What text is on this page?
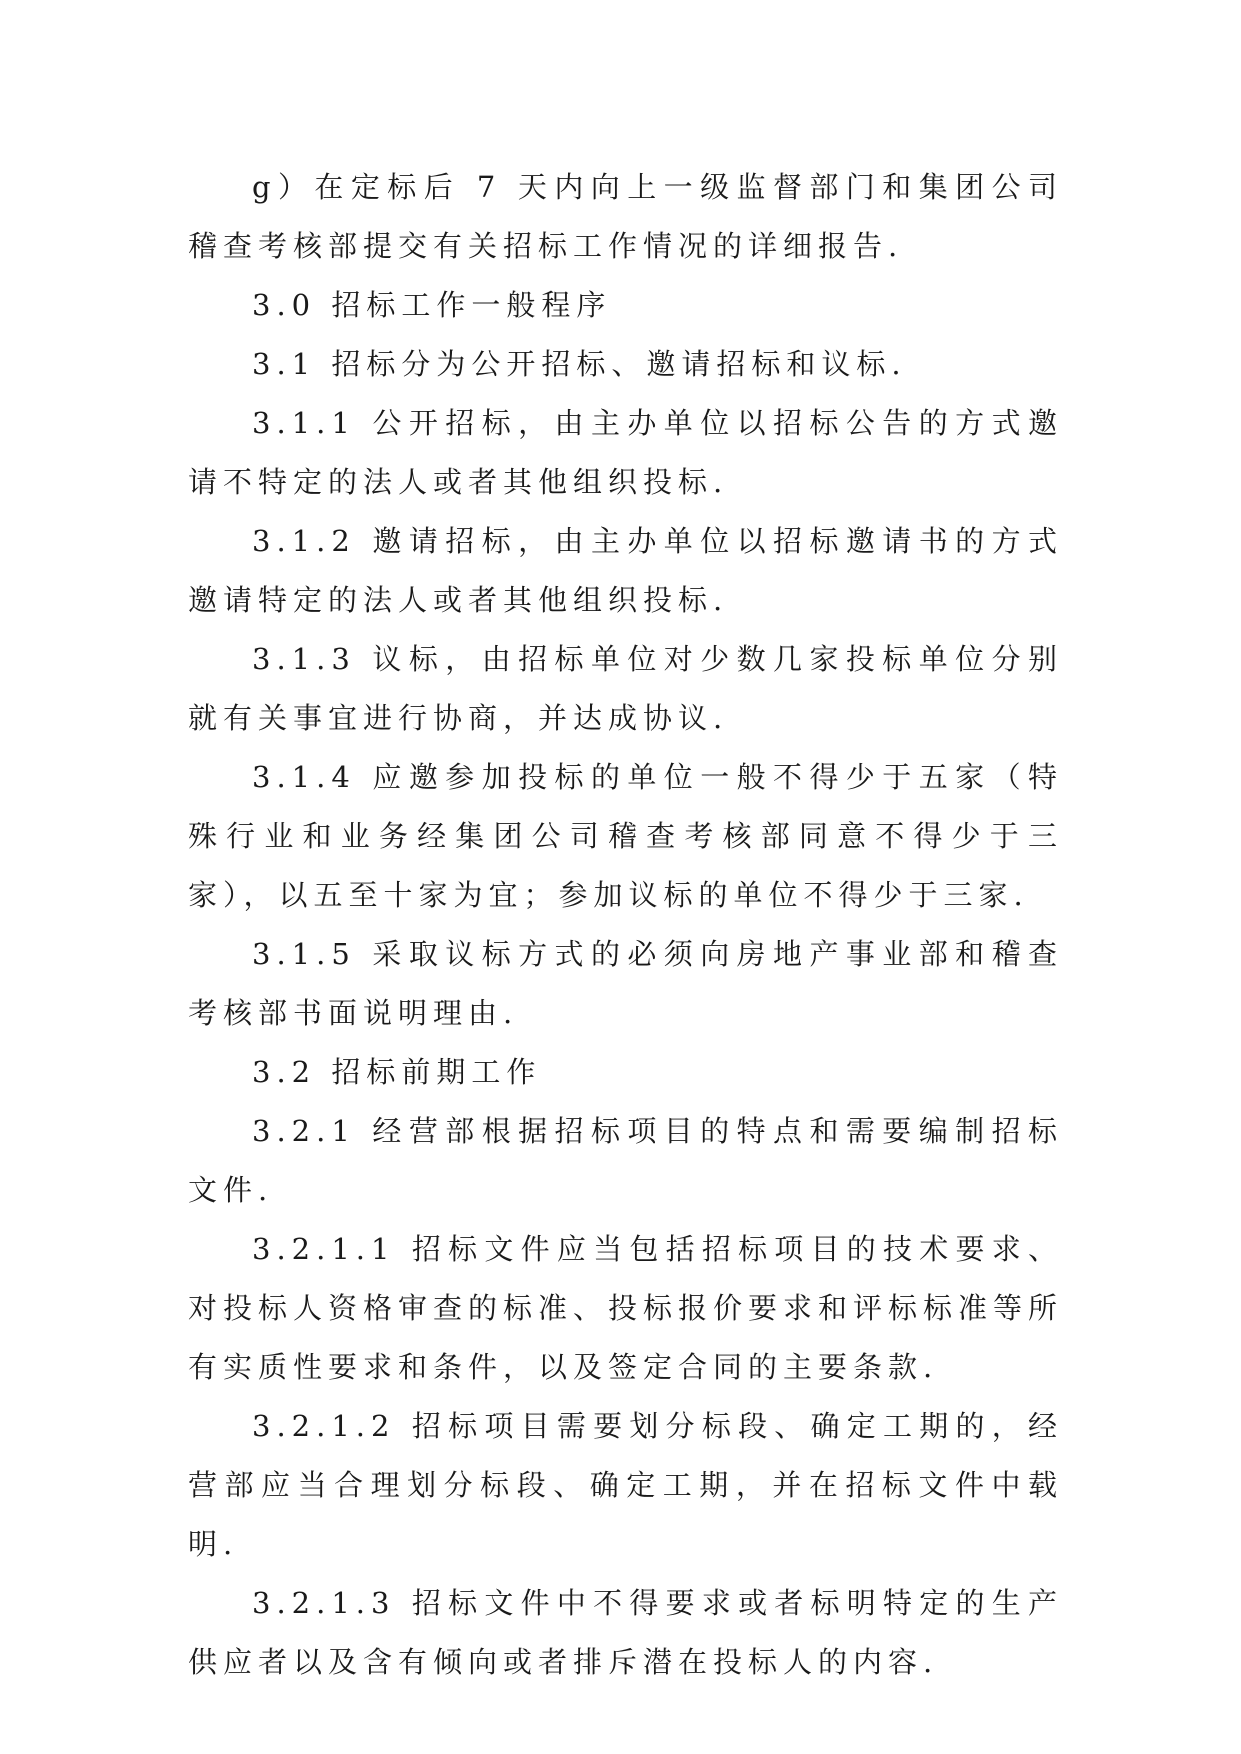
g）在定标后 7 天内向上一级监督部门和集团公司稽查考核部提交有关招标工作情况的详细报告.

3.0 招标工作一般程序

3.1 招标分为公开招标、邀请招标和议标.

3.1.1 公开招标，由主办单位以招标公告的方式邀请不特定的法人或者其他组织投标.

3.1.2 邀请招标，由主办单位以招标邀请书的方式邀请特定的法人或者其他组织投标.

3.1.3 议标，由招标单位对少数几家投标单位分别就有关事宜进行协商，并达成协议.

3.1.4 应邀参加投标的单位一般不得少于五家（特殊行业和业务经集团公司稽查考核部同意不得少于三家），以五至十家为宜；参加议标的单位不得少于三家.

3.1.5 采取议标方式的必须向房地产事业部和稽查考核部书面说明理由.

3.2 招标前期工作

3.2.1 经营部根据招标项目的特点和需要编制招标文件.

3.2.1.1 招标文件应当包括招标项目的技术要求、对投标人资格审查的标准、投标报价要求和评标标准等所有实质性要求和条件，以及签定合同的主要条款.

3.2.1.2 招标项目需要划分标段、确定工期的，经营部应当合理划分标段、确定工期，并在招标文件中载明.

3.2.1.3 招标文件中不得要求或者标明特定的生产供应者以及含有倾向或者排斥潜在投标人的内容.
